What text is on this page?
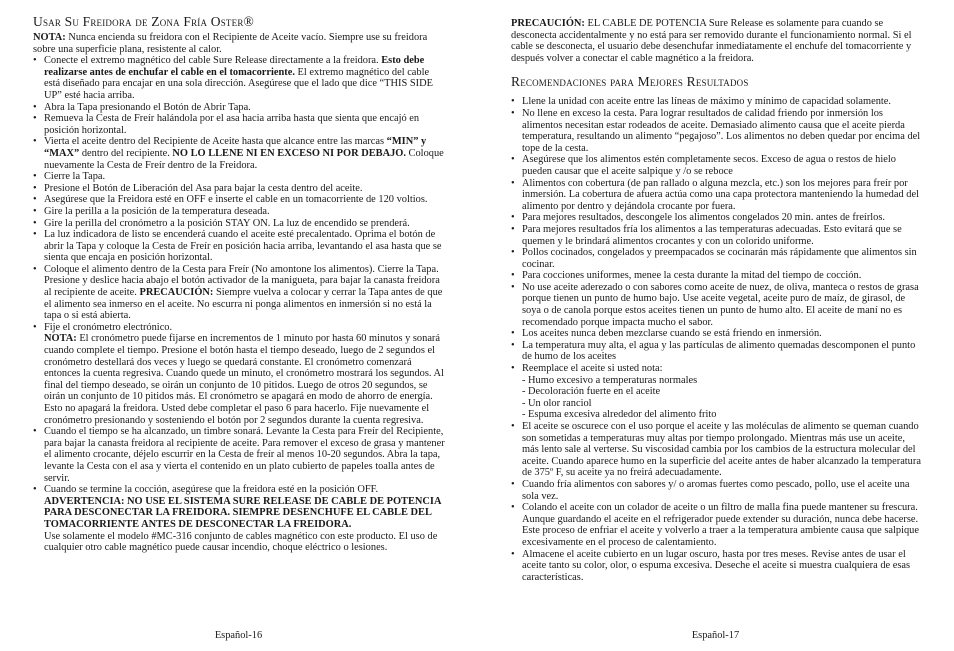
Usar Su Freidora de Zona Fría Oster®

NOTA: Nunca encienda su freidora con el Recipiente de Aceite vacío. Siempre use su freidora sobre una superficie plana, resistente al calor.

• Conecte el extremo magnético del cable Sure Release directamente a la freidora. Esto debe realizarse antes de enchufar el cable en el tomacorriente. El extremo magnético del cable está diseñado para encajar en una sola dirección. Asegúrese que el lado que dice “THIS SIDE UP” esté hacia arriba.
• Abra la Tapa presionando el Botón de Abrir Tapa.
• Remueva la Cesta de Freír halándola por el asa hacia arriba hasta que sienta que encajó en posición horizontal.
• Vierta el aceite dentro del Recipiente de Aceite hasta que alcance entre las marcas “MIN” y “MAX” dentro del recipiente. NO LO LLENE NI EN EXCESO NI POR DEBAJO. Coloque nuevamente la Cesta de Freír dentro de la Freidora.
• Cierre la Tapa.
• Presione el Botón de Liberación del Asa para bajar la cesta dentro del aceite.
• Asegúrese que la Freidora esté en OFF e inserte el cable en un tomacorriente de 120 voltios.
• Gire la perilla a la posición de la temperatura deseada.
• Gire la perilla del cronómetro a la posición STAY ON. La luz de encendido se prenderá.
• La luz indicadora de listo se encenderá cuando el aceite esté precalentado. Oprima el botón de abrir la Tapa y coloque la Cesta de Freír en posición hacia arriba, levantando el asa hasta que se sienta que encaja en posición horizontal.
• Coloque el alimento dentro de la Cesta para Freír (No amontone los alimentos). Cierre la Tapa. Presione y deslice hacia abajo el botón activador de la manigueta, para bajar la canasta freidora al recipiente de aceite. PRECAUCIÓN: Siempre vuelva a colocar y cerrar la Tapa antes de que el alimento sea inmerso en el aceite. No escurra ni ponga alimentos en inmersión si no está la tapa o si está abierta.
• Fije el cronómetro electrónico.
NOTA: El cronómetro puede fijarse en incrementos de 1 minuto por hasta 60 minutos y sonará cuando complete el tiempo. Presione el botón hasta el tiempo deseado, luego de 2 segundos el cronómetro destellará dos veces y luego se quedará constante. El cronómetro comenzará entonces la cuenta regresiva. Cuando quede un minuto, el cronómetro mostrará los segundos. Al final del tiempo deseado, se oirán un conjunto de 10 pitidos. Luego de otros 20 segundos, se oirán un conjunto de 10 pitidos más. El cronómetro se apagará en modo de ahorro de energía. Esto no apagará la freidora. Usted debe completar el paso 6 para hacerlo. Fije nuevamente el cronómetro presionando y sosteniendo el botón por 2 segundos durante la cuenta regresiva.
• Cuando el tiempo se ha alcanzado, un timbre sonará. Levante la Cesta para Freír del Recipiente, para bajar la canasta freidora al recipiente de aceite. Para remover el exceso de grasa y mantener el alimento crocante, déjelo escurrir en la Cesta de freír al menos 10-20 segundos. Abra la tapa, levante la Cesta con el asa y vierta el contenido en un plato cubierto de papeles toalla antes de servir.
• Cuando se termine la cocción, asegúrese que la freidora esté en la posición OFF.
ADVERTENCIA: NO USE EL SISTEMA SURE RELEASE DE CABLE DE POTENCIA PARA DESCONECTAR LA FREIDORA. SIEMPRE DESENCHUFE EL CABLE DEL TOMACORRIENTE ANTES DE DESCONECTAR LA FREIDORA.
Use solamente el modelo #MC-316 conjunto de cables magnético con este producto. El uso de cualquier otro cable magnético puede causar incendio, choque eléctrico o lesiones.
Español-16

PRECAUCIÓN: EL CABLE DE POTENCIA Sure Release es solamente para cuando se desconecta accidentalmente y no está para ser removido durante el funcionamiento normal. Si el cable se desconecta, el usuario debe desenchufar inmediatamente el enchufe del tomacorriente y después volver a conectar el cable magnético a la freidora.

Recomendaciones para Mejores Resultados
• Llene la unidad con aceite entre las líneas de máximo y mínimo de capacidad solamente.
• No llene en exceso la cesta. Para lograr resultados de calidad friendo por inmersión los alimentos necesitan estar rodeados de aceite. Demasiado alimento causa que el aceite pierda temperatura, resultando un alimento “pegajoso”. Los alimentos no deben quedar por encima del tope de la cesta.
• Asegúrese que los alimentos estén completamente secos. Exceso de agua o restos de hielo pueden causar que el aceite salpique y /o se reboce
• Alimentos con cobertura (de pan rallado o alguna mezcla, etc.) son los mejores para freír por inmersión. La cobertura de afuera actúa como una capa protectora manteniendo la humedad del alimento por dentro y dejándola crocante por fuera.
• Para mejores resultados, descongele los alimentos congelados 20 min. antes de freírlos.
• Para mejores resultados fría los alimentos a las temperaturas adecuadas. Esto evitará que se quemen y le brindará alimentos crocantes y con un colorido uniforme.
• Pollos cocinados, congelados y preempacados se cocinarán más rápidamente que alimentos sin cocinar.
• Para cocciones uniformes, menee la cesta durante la mitad del tiempo de cocción.
• No use aceite aderezado o con sabores como aceite de nuez, de oliva, manteca o restos de grasa porque tienen un punto de humo bajo. Use aceite vegetal, aceite puro de maíz, de girasol, de soya o de canola porque estos aceites tienen un punto de humo alto. El aceite de maní no es recomendado porque impacta mucho el sabor.
• Los aceites nunca deben mezclarse cuando se está friendo en inmersión.
• La temperatura muy alta, el agua y las partículas de alimento quemadas descomponen el punto de humo de los aceites
• Reemplace el aceite si usted nota:
- Humo excesivo a temperaturas normales
- Decoloración fuerte en el aceite
- Un olor ranciol
- Espuma excesiva alrededor del alimento frito
• El aceite se oscurece con el uso porque el aceite y las moléculas de alimento se queman cuando son sometidas a temperaturas muy altas por tiempo prolongado. Mientras más use un aceite, más lento sale al verterse. Su viscosidad cambia por los cambios de la estructura molecular del aceite. Cuando aparece humo en la superficie del aceite antes de haber alcanzado la temperatura de 375º F, su aceite ya no freirá adecuadamente.
• Cuando fría alimentos con sabores y/ o aromas fuertes como pescado, pollo, use el aceite una sola vez.
• Colando el aceite con un colador de aceite o un filtro de malla fina puede mantener su frescura. Aunque guardando el aceite en el refrigerador puede extender su duración, nunca debe hacerse. Este proceso de enfriar el aceite y volverlo a traer a la temperatura ambiente causa que salpique excesivamente en el proceso de calentamiento.
• Almacene el aceite cubierto en un lugar oscuro, hasta por tres meses. Revise antes de usar el aceite tanto su color, olor, o espuma excesiva. Deseche el aceite si muestra cualquiera de esas características.
Español-17
